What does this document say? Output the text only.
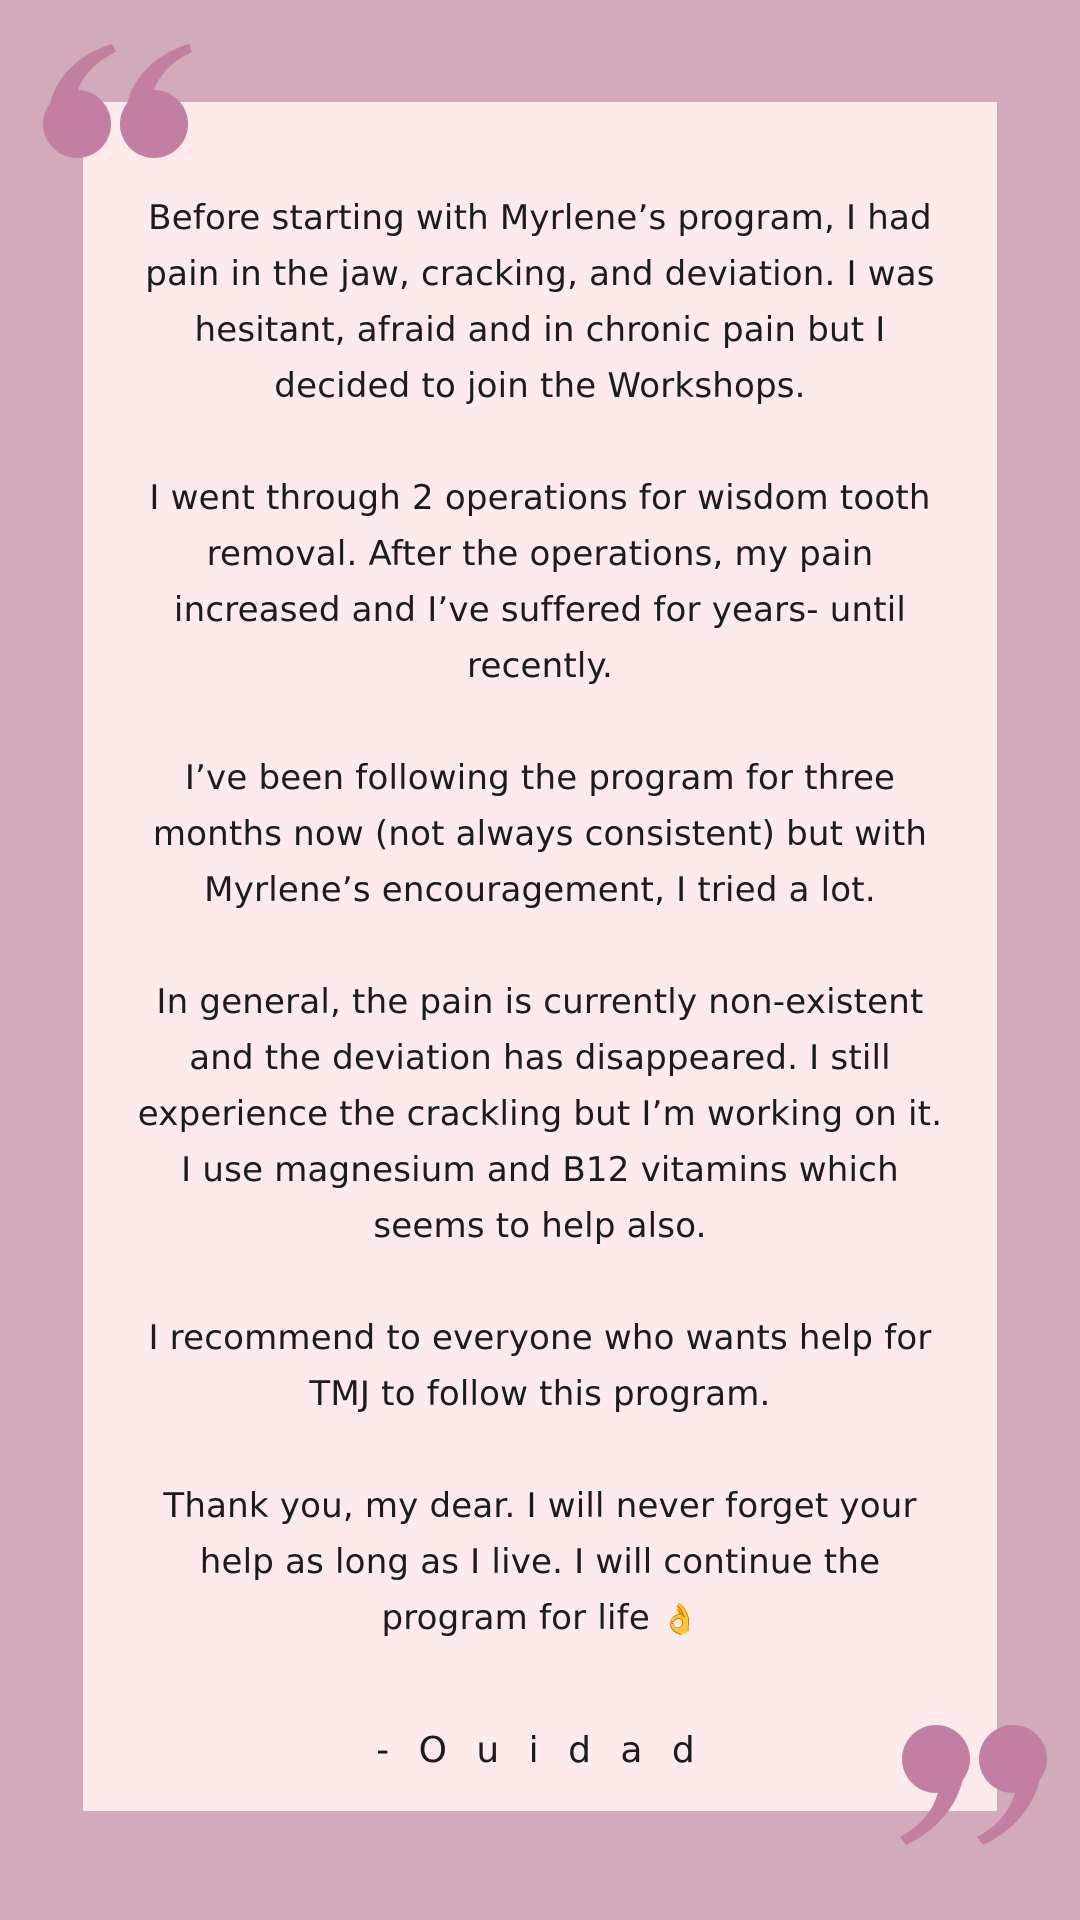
Before starting with Myrlene’s program, I had pain in the jaw, cracking, and deviation. I was hesitant, afraid and in chronic pain but I decided to join the Workshops.

I went through 2 operations for wisdom tooth removal. After the operations, my pain increased and I’ve suffered for years- until recently.

I’ve been following the program for three months now (not always consistent) but with Myrlene’s encouragement, I tried a lot.

In general, the pain is currently non-existent and the deviation has disappeared. I still experience the crackling but I’m working on it. I use magnesium and B12 vitamins which seems to help also.

I recommend to everyone who wants help for TMJ to follow this program.

Thank you, my dear. I will never forget your help as long as I live. I will continue the program for life 👌

- O u i d a d
